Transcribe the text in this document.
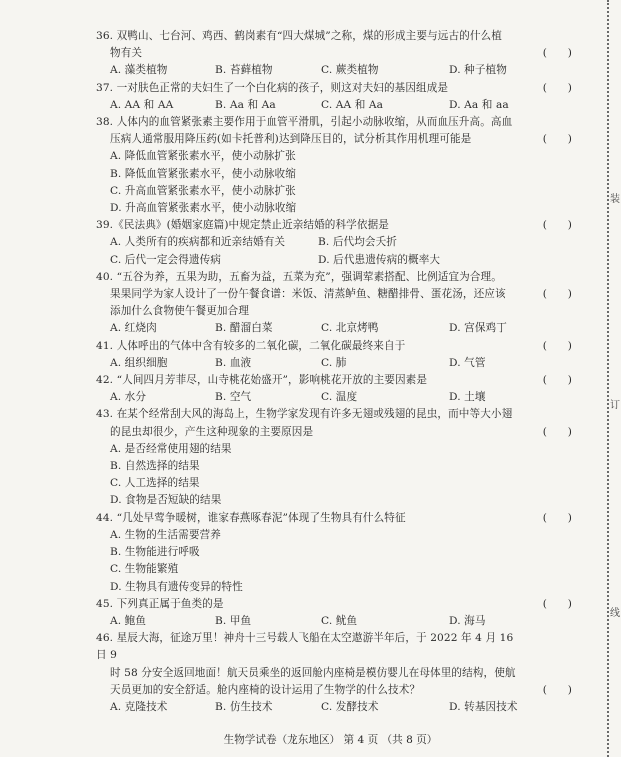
装
订
线
36. 双鸭山、七台河、鸡西、鹤岗素有“四大煤城”之称，煤的形成主要与远古的什么植
物有关	(      )
A. 藻类植物	B. 苔藓植物	C. 蕨类植物	D. 种子植物
37. 一对肤色正常的夫妇生了一个白化病的孩子，则这对夫妇的基因组成是	(      )
A. AA 和 AA	B. Aa 和 Aa	C. AA 和 Aa	D. Aa 和 aa
38. 人体内的血管紧张素主要作用于血管平滑肌，引起小动脉收缩，从而血压升高。高血
压病人通常服用降压药(如卡托普利)达到降压目的，试分析其作用机理可能是	(      )
A. 降低血管紧张素水平，使小动脉扩张
B. 降低血管紧张素水平，使小动脉收缩
C. 升高血管紧张素水平，使小动脉扩张
D. 升高血管紧张素水平，使小动脉收缩
39.《民法典》(婚姻家庭篇)中规定禁止近亲结婚的科学依据是	(      )
A. 人类所有的疾病都和近亲结婚有关	B. 后代均会夭折
C. 后代一定会得遗传病	D. 后代患遗传病的概率大
40. “五谷为养，五果为助，五畜为益，五菜为充”，强调荤素搭配、比例适宜为合理。
果果同学为家人设计了一份午餐食谱：米饭、清蒸鲈鱼、糖醋排骨、蛋花汤，还应该
添加什么食物使午餐更加合理
(      )
A. 红烧肉	B. 醋溜白菜	C. 北京烤鸭	D. 宫保鸡丁
41. 人体呼出的气体中含有较多的二氧化碳，二氧化碳最终来自于	(      )
A. 组织细胞	B. 血液	C. 肺	D. 气管
42. “人间四月芳菲尽，山寺桃花始盛开”，影响桃花开放的主要因素是	(      )
A. 水分	B. 空气	C. 温度	D. 土壤
43. 在某个经常刮大风的海岛上，生物学家发现有许多无翅或残翅的昆虫，而中等大小翅
的昆虫却很少，产生这种现象的主要原因是	(      )
A. 是否经常使用翅的结果
B. 自然选择的结果
C. 人工选择的结果
D. 食物是否短缺的结果
44. “几处早莺争暖树，谁家春燕啄春泥”体现了生物具有什么特征	(      )
A. 生物的生活需要营养
B. 生物能进行呼吸
C. 生物能繁殖
D. 生物具有遗传变异的特性
45. 下列真正属于鱼类的是	(      )
A. 鲍鱼	B. 甲鱼	C. 鱿鱼	D. 海马
46. 星辰大海，征途万里！神舟十三号载人飞船在太空遨游半年后，于 2022 年 4 月 16 日 9
时 58 分安全返回地面！航天员乘坐的返回舱内座椅是模仿婴儿在母体里的结构，使航
天员更加的安全舒适。舱内座椅的设计运用了生物学的什么技术？	(      )
A. 克隆技术	B. 仿生技术	C. 发酵技术	D. 转基因技术
生物学试卷（龙东地区） 第 4 页 （共 8 页）
